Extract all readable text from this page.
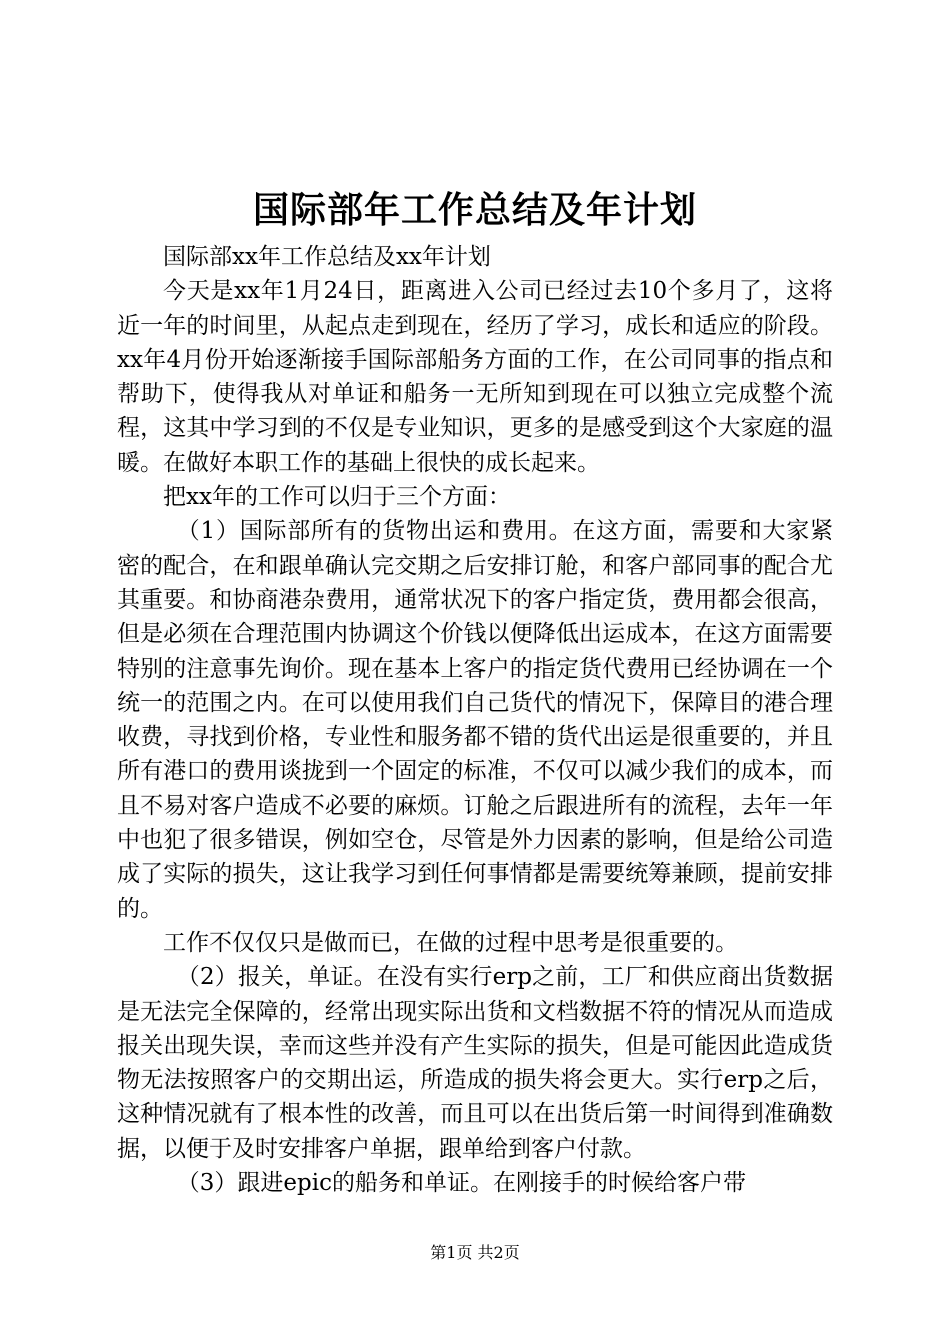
国际部年工作总结及年计划

国际部xx年工作总结及xx年计划

今天是xx年1月24日，距离进入公司已经过去10个多月了，这将近一年的时间里，从起点走到现在，经历了学习，成长和适应的阶段。xx年4月份开始逐渐接手国际部船务方面的工作，在公司同事的指点和帮助下，使得我从对单证和船务一无所知到现在可以独立完成整个流程，这其中学习到的不仅是专业知识，更多的是感受到这个大家庭的温暖。在做好本职工作的基础上很快的成长起来。

把xx年的工作可以归于三个方面：

（1）国际部所有的货物出运和费用。在这方面，需要和大家紧密的配合，在和跟单确认完交期之后安排订舱，和客户部同事的配合尤其重要。和协商港杂费用，通常状况下的客户指定货，费用都会很高，但是必须在合理范围内协调这个价钱以便降低出运成本，在这方面需要特别的注意事先询价。现在基本上客户的指定货代费用已经协调在一个统一的范围之内。在可以使用我们自己货代的情况下，保障目的港合理收费，寻找到价格，专业性和服务都不错的货代出运是很重要的，并且所有港口的费用谈拢到一个固定的标准，不仅可以减少我们的成本，而且不易对客户造成不必要的麻烦。订舱之后跟进所有的流程，去年一年中也犯了很多错误，例如空仓，尽管是外力因素的影响，但是给公司造成了实际的损失，这让我学习到任何事情都是需要统筹兼顾，提前安排的。

工作不仅仅只是做而已，在做的过程中思考是很重要的。

（2）报关，单证。在没有实行erp之前，工厂和供应商出货数据是无法完全保障的，经常出现实际出货和文档数据不符的情况从而造成报关出现失误，幸而这些并没有产生实际的损失，但是可能因此造成货物无法按照客户的交期出运，所造成的损失将会更大。实行erp之后，这种情况就有了根本性的改善，而且可以在出货后第一时间得到准确数据，以便于及时安排客户单据，跟单给到客户付款。

（3）跟进epic的船务和单证。在刚接手的时候给客户带

第1页 共2页
